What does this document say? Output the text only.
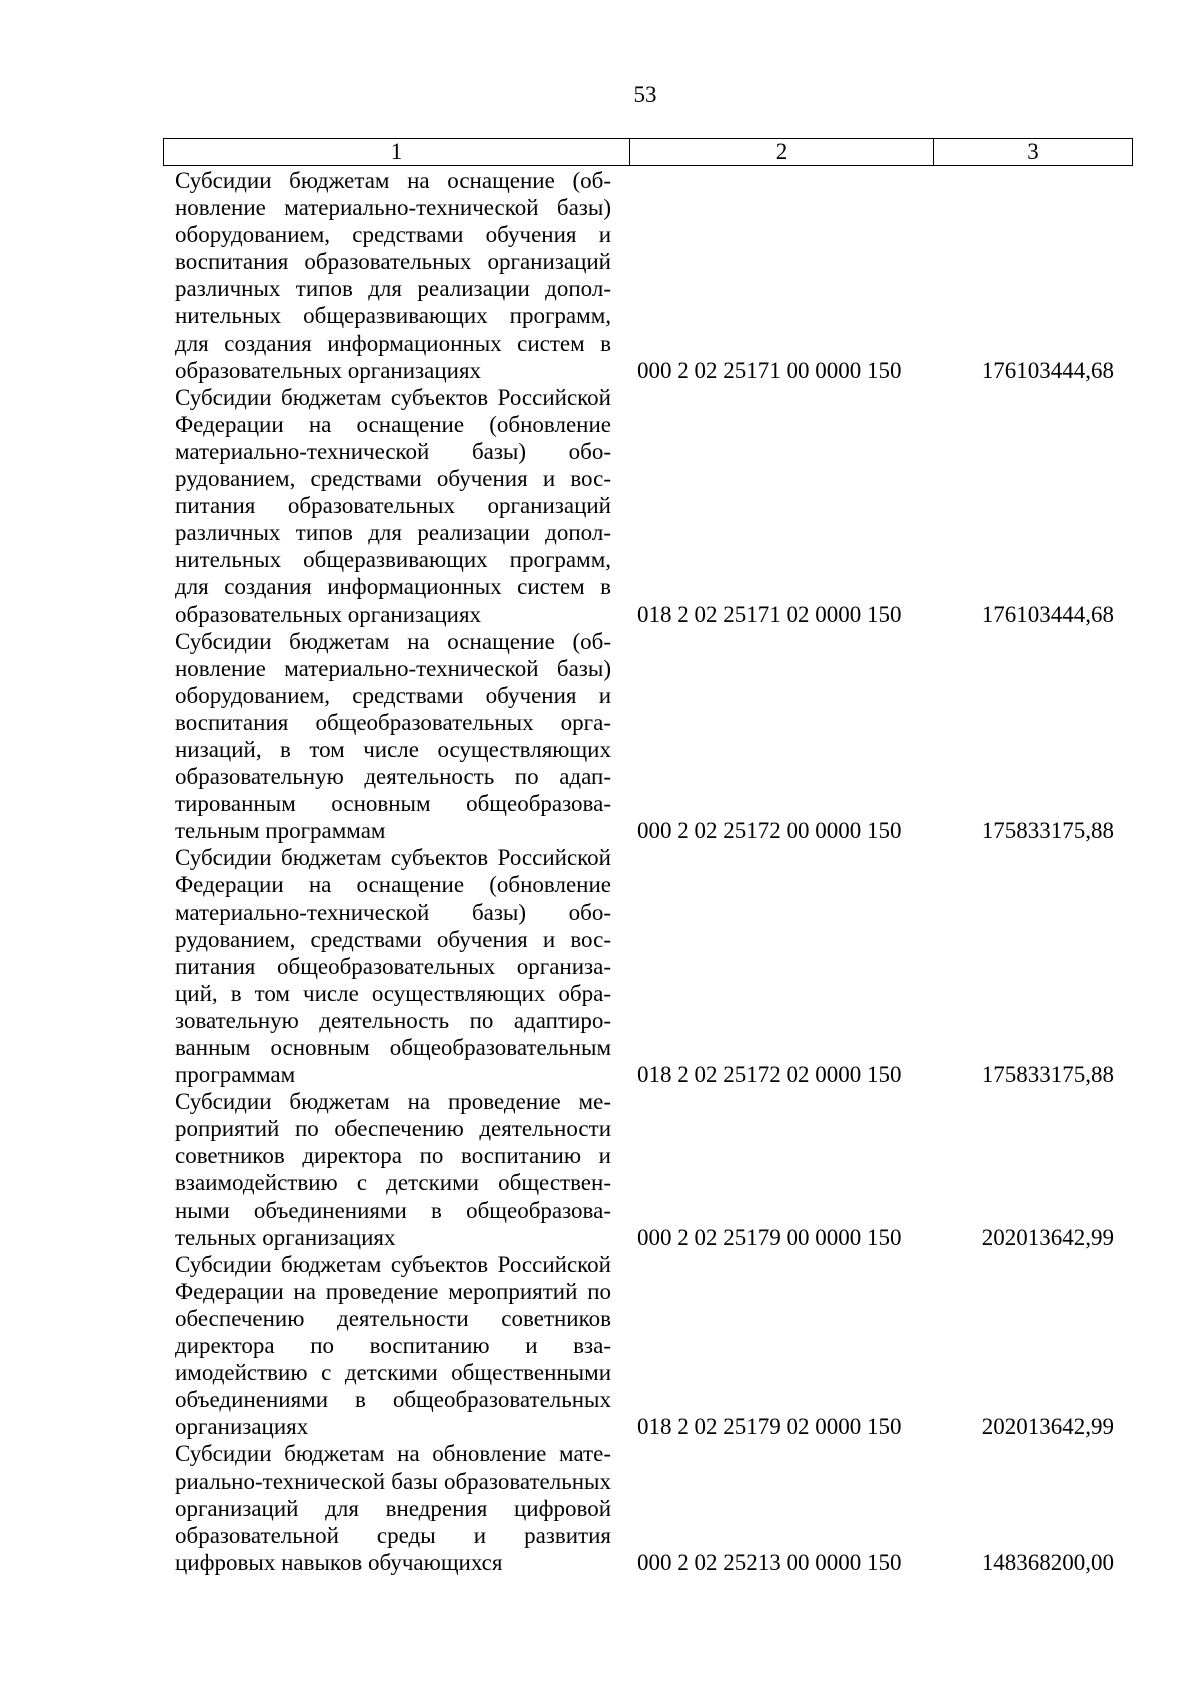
53
1	2	3
Субсидии бюджетам на оснащение (обновление материально-технической базы) оборудованием, средствами обучения и воспитания образовательных организаций различных типов для реализации дополнительных общеразвивающих программ, для создания информационных систем в образовательных организациях	000 2 02 25171 00 0000 150	176103444,68
Субсидии бюджетам субъектов Российской Федерации на оснащение (обновление материально-технической базы) оборудованием, средствами обучения и воспитания образовательных организаций различных типов для реализации дополнительных общеразвивающих программ, для создания информационных систем в образовательных организациях	018 2 02 25171 02 0000 150	176103444,68
Субсидии бюджетам на оснащение (обновление материально-технической базы) оборудованием, средствами обучения и воспитания общеобразовательных организаций, в том числе осуществляющих образовательную деятельность по адаптированным основным общеобразовательным программам	000 2 02 25172 00 0000 150	175833175,88
Субсидии бюджетам субъектов Российской Федерации на оснащение (обновление материально-технической базы) оборудованием, средствами обучения и воспитания общеобразовательных организаций, в том числе осуществляющих образовательную деятельность по адаптированным основным общеобразовательным программам	018 2 02 25172 02 0000 150	175833175,88
Субсидии бюджетам на проведение мероприятий по обеспечению деятельности советников директора по воспитанию и взаимодействию с детскими общественными объединениями в общеобразовательных организациях	000 2 02 25179 00 0000 150	202013642,99
Субсидии бюджетам субъектов Российской Федерации на проведение мероприятий по обеспечению деятельности советников директора по воспитанию и взаимодействию с детскими общественными объединениями в общеобразовательных организациях	018 2 02 25179 02 0000 150	202013642,99
Субсидии бюджетам на обновление материально-технической базы образовательных организаций для внедрения цифровой образовательной среды и развития цифровых навыков обучающихся	000 2 02 25213 00 0000 150	148368200,00
